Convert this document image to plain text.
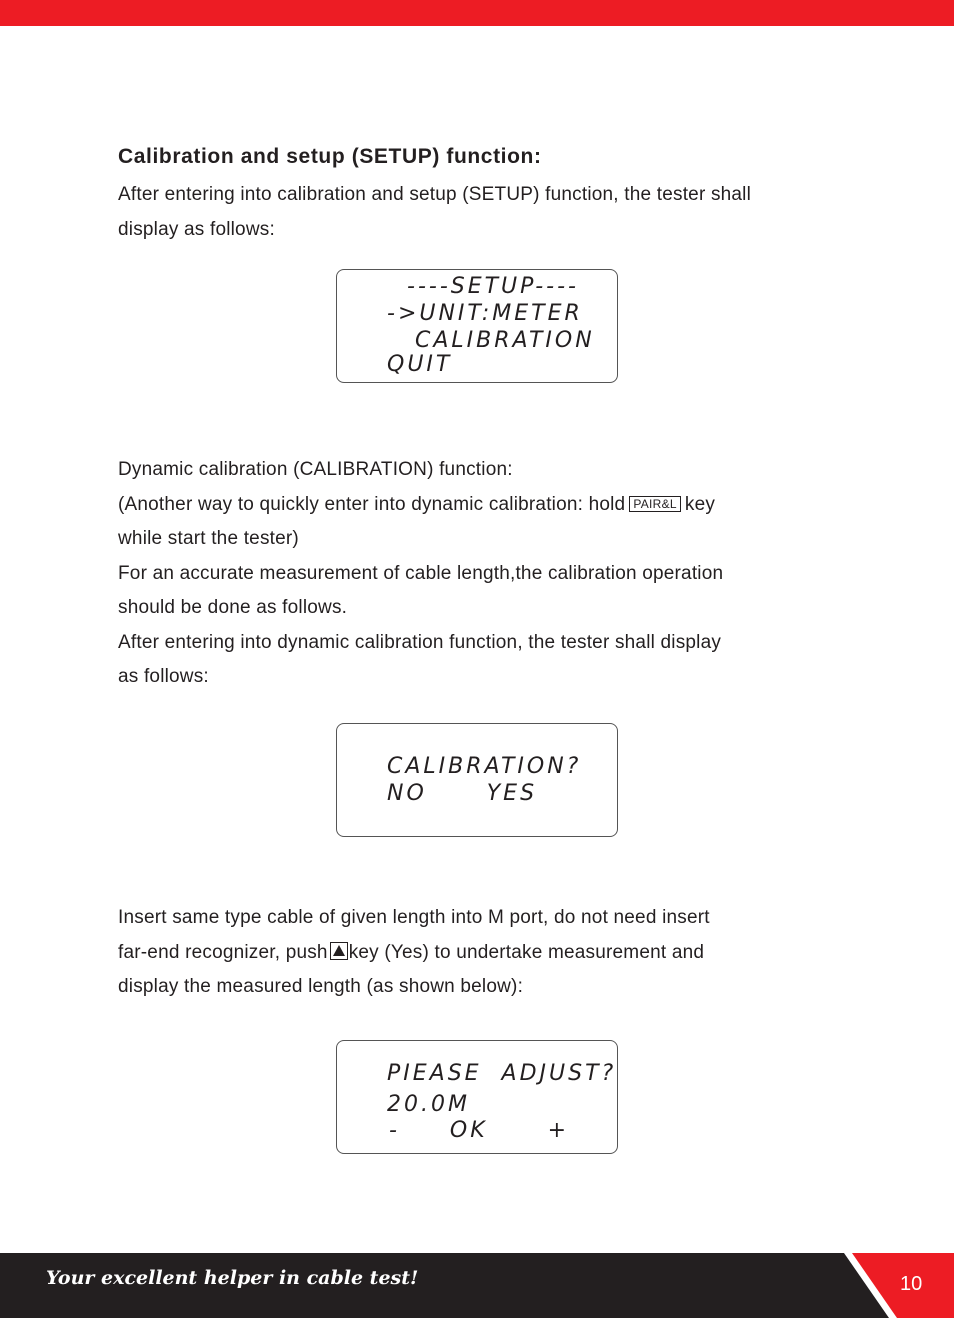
Calibration and setup (SETUP) function:

After entering into calibration and setup (SETUP) function, the tester shall

display as follows:

----SETUP----
->UNIT:METER
CALIBRATION
QUIT

Dynamic calibration (CALIBRATION) function:

(Another way to quickly enter into dynamic calibration: hold PAIR&L key

while start the tester)

For an accurate measurement of cable length,the calibration operation

should be done as follows.

After entering into dynamic calibration function, the tester shall display

as follows:

CALIBRATION?
NO      YES

Insert same type cable of given length into M port, do not need insert

far-end recognizer, push key (Yes) to undertake measurement and

display the measured length (as shown below):

PIEASE  ADJUST?
20.0M
-     OK      +
Your excellent helper in cable test!	10
